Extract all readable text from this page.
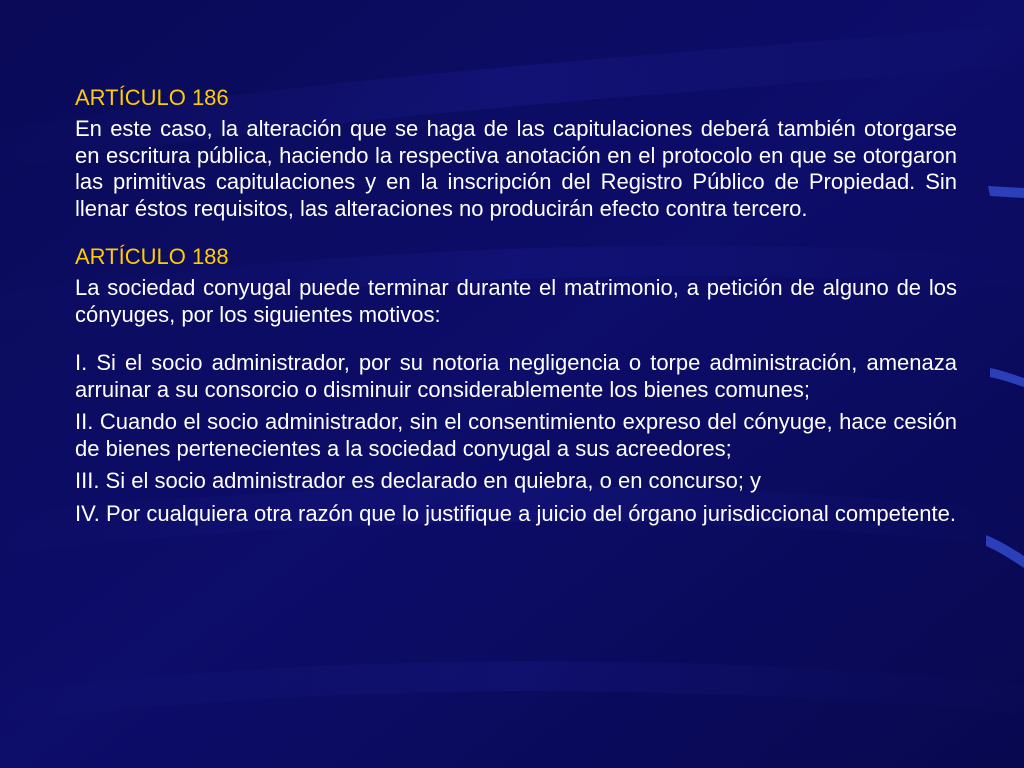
ARTÍCULO 186

En este caso, la alteración que se haga de las capitulaciones deberá también otorgarse en escritura pública, haciendo la respectiva anotación en el protocolo en que se otorgaron las primitivas capitulaciones y en la inscripción del Registro Público de Propiedad. Sin llenar éstos requisitos, las alteraciones no producirán efecto contra tercero.

ARTÍCULO 188

La sociedad conyugal puede terminar durante el matrimonio, a petición de alguno de los cónyuges, por los siguientes motivos:

I. Si el socio administrador, por su notoria negligencia o torpe administración, amenaza arruinar a su consorcio o disminuir considerablemente los bienes comunes;

II. Cuando el socio administrador, sin el consentimiento expreso del cónyuge, hace cesión de bienes pertenecientes a la sociedad conyugal a sus acreedores;

III. Si el socio administrador es declarado en quiebra, o en concurso; y

IV. Por cualquiera otra razón que lo justifique a juicio del órgano jurisdiccional competente.
